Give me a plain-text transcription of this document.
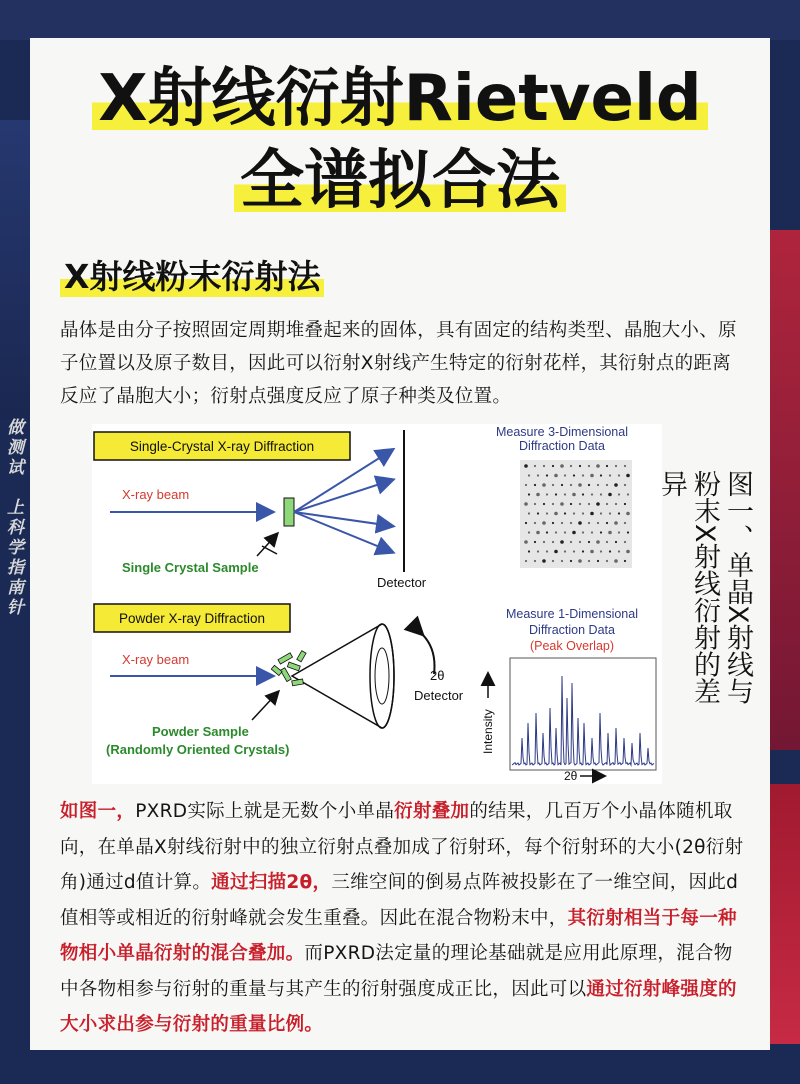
做
测
试

上
科
学
指
南
针
X射线衍射Rietveld
全谱拟合法
X射线粉末衍射法
晶体是由分子按照固定周期堆叠起来的固体，具有固定的结构类型、晶胞大小、原子位置以及原子数目，因此可以衍射X射线产生特定的衍射花样，其衍射点的距离反应了晶胞大小；衍射点强度反应了原子种类及位置。
Single-Crystal X-ray Diffraction
X-ray beam
Detector
Single Crystal Sample
Measure 3-Dimensional
Diffraction Data
Powder X-ray Diffraction
X-ray beam
2θ
Detector
Powder Sample
(Randomly Oriented Crystals)
Measure 1-Dimensional
Diffraction Data
(Peak Overlap)
Intensity
2θ
图一、单晶X射线与粉末X射线衍射的差异
如图一，PXRD实际上就是无数个小单晶衍射叠加的结果，几百万个小晶体随机取向，在单晶X射线衍射中的独立衍射点叠加成了衍射环，每个衍射环的大小(2θ衍射角)通过d值计算。通过扫描2θ，三维空间的倒易点阵被投影在了一维空间，因此d值相等或相近的衍射峰就会发生重叠。因此在混合物粉末中，其衍射相当于每一种物相小单晶衍射的混合叠加。而PXRD法定量的理论基础就是应用此原理，混合物中各物相参与衍射的重量与其产生的衍射强度成正比，因此可以通过衍射峰强度的大小求出参与衍射的重量比例。
